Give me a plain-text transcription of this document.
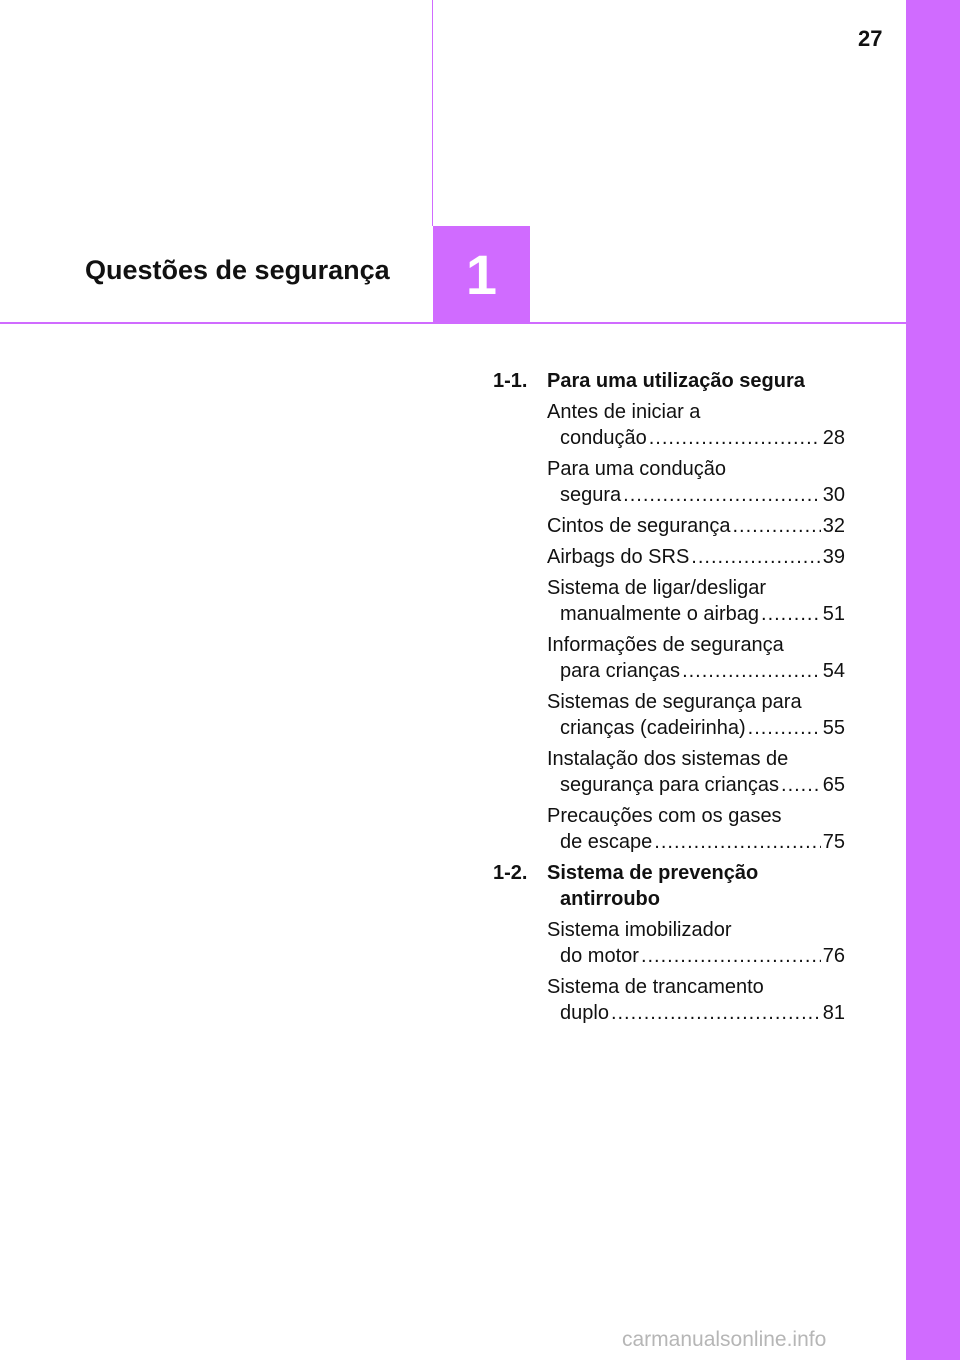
27
Questões de segurança 1
1-1. Para uma utilização segura
Antes de iniciar a
condução .....	28
Para uma condução
segura .....	30
Cintos de segurança .....	32
Airbags do SRS .....	39
Sistema de ligar/desligar
manualmente o airbag .....	51
Informações de segurança
para crianças .....	54
Sistemas de segurança para
crianças (cadeirinha) .....	55
Instalação dos sistemas de
segurança para crianças ..... 65
Precauções com os gases
de escape .....	75
1-2. Sistema de prevenção
antirroubo
Sistema imobilizador
do motor .....	76
Sistema de trancamento
duplo .....	81
carmanualsonline.info
